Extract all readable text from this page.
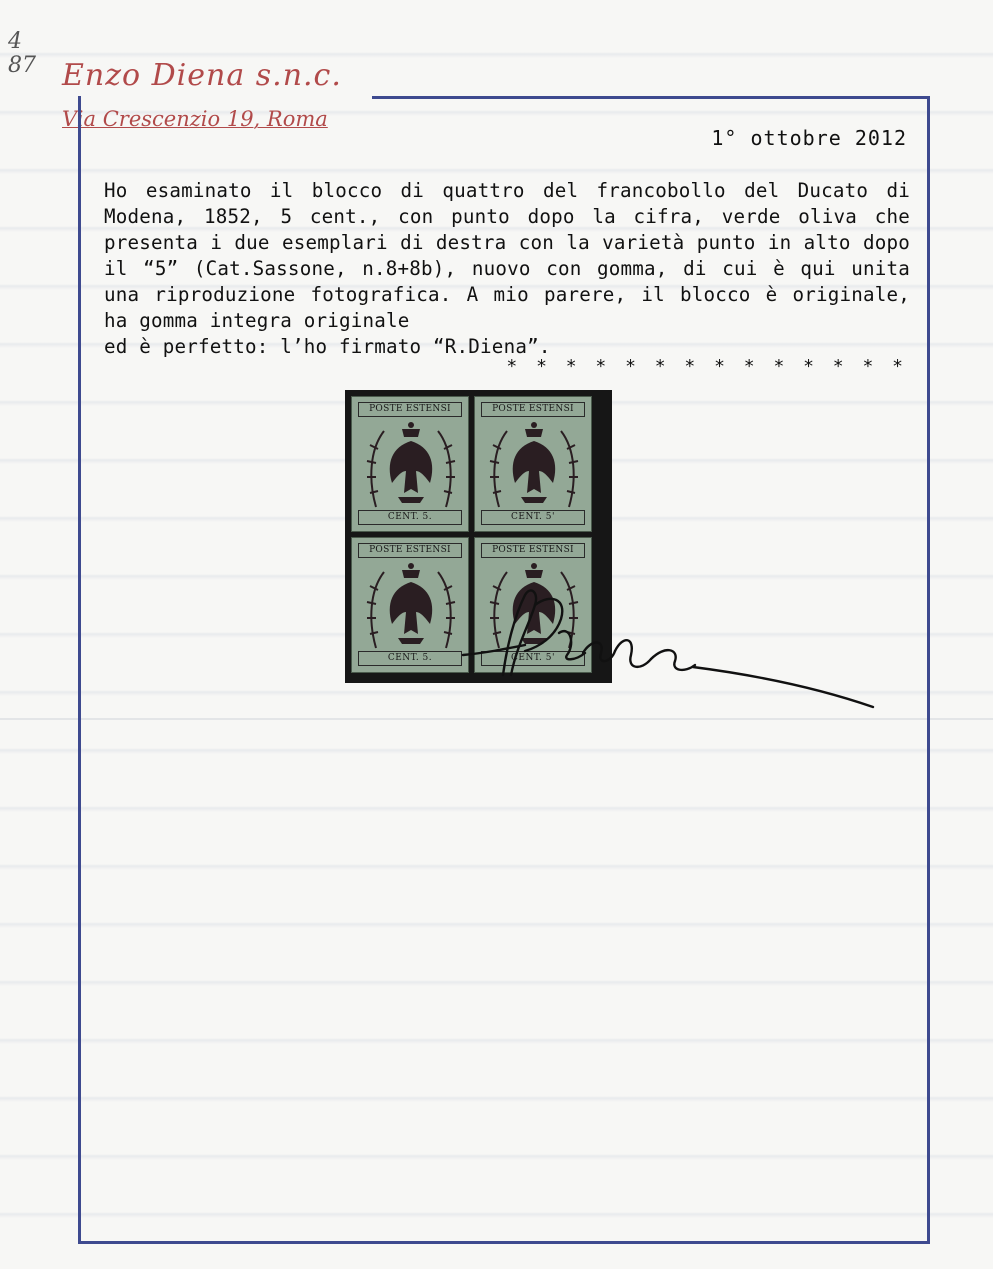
4
87 Enzo Diena s.n.c.
Via Crescenzio 19, Roma
1° ottobre 2012
Ho esaminato il blocco di quattro del francobollo del Ducato di Modena, 1852, 5 cent., con punto dopo la cifra, verde oliva che presenta i due esemplari di destra con la varietà punto in alto dopo il “5” (Cat.Sassone, n.8+8b), nuovo con gomma, di cui è qui unita una riproduzione fotografica. A mio parere, il blocco è originale, ha gomma integra originale
ed è perfetto: l’ho firmato “R.Diena”.
* * * * * * * * * * * * * *
POSTE ESTENSI
CENT. 5.
POSTE ESTENSI
CENT. 5'
POSTE ESTENSI
CENT. 5.
POSTE ESTENSI
CENT. 5'
